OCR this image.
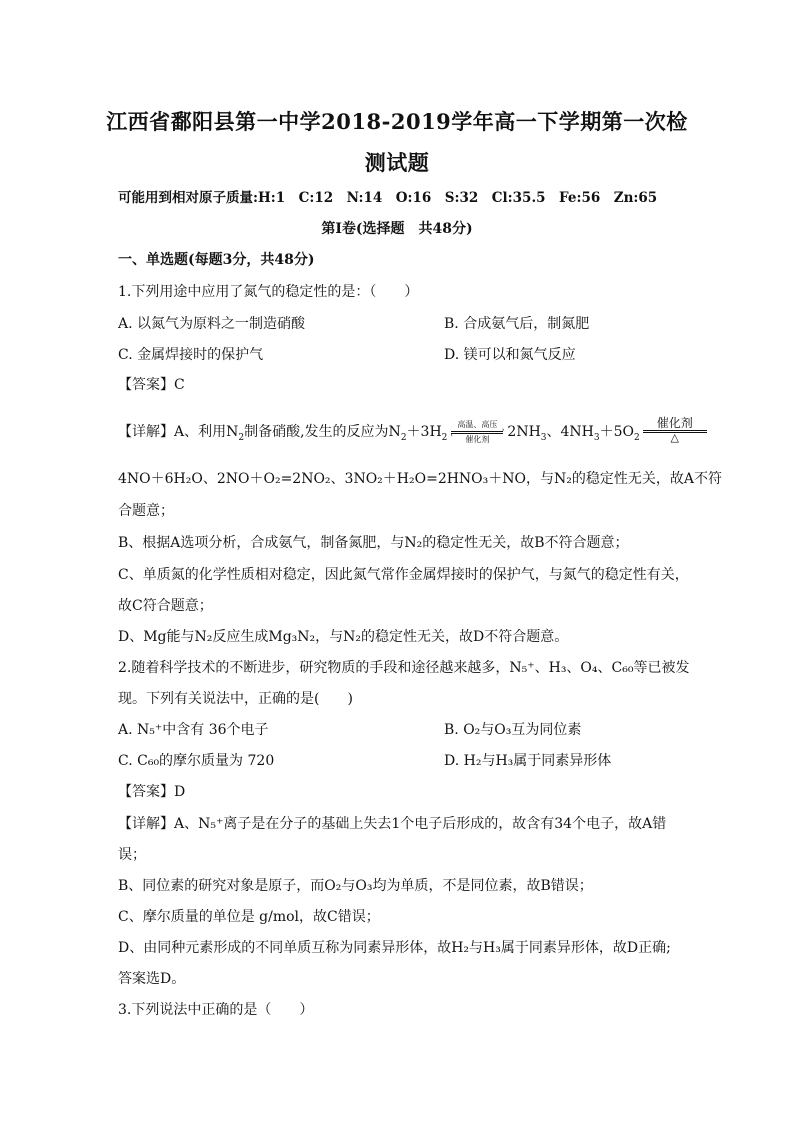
江西省鄱阳县第一中学2018-2019学年高一下学期第一次检
测试题
可能用到相对原子质量:H:1　C:12　N:14　O:16　S:32　Cl:35.5　Fe:56　Zn:65
第I卷(选择题　共48分)
一、单选题(每题3分，共48分)
1.下列用途中应用了氮气的稳定性的是：（　　）
A. 以氮气为原料之一制造硝酸	B. 合成氨气后，制氮肥
C. 金属焊接时的保护气	D. 镁可以和氮气反应
【答案】C
【详解】A、利用$N_2$制备硝酸,发生的反应为$N_2+3H_2$
高温、高压
›
‹	催化剂	$2NH_3$、$4NH_3+5O_2$
催化剂
△
4NO＋6H₂O、2NO＋O₂=2NO₂、3NO₂＋H₂O=2HNO₃＋NO，与N₂的稳定性无关，故A不符
合题意；
B、根据A选项分析，合成氨气，制备氮肥，与N₂的稳定性无关，故B不符合题意；
C、单质氮的化学性质相对稳定，因此氮气常作金属焊接时的保护气，与氮气的稳定性有关，
故C符合题意；
D、Mg能与N₂反应生成Mg₃N₂，与N₂的稳定性无关，故D不符合题意。
2.随着科学技术的不断进步，研究物质的手段和途径越来越多，N₅⁺、H₃、O₄、C₆₀等已被发
现。下列有关说法中，正确的是(　　)
A. N₅⁺中含有 36个电子	B. O₂与O₃互为同位素
C. C₆₀的摩尔质量为 720	D. H₂与H₃属于同素异形体
【答案】D
【详解】A、N₅⁺离子是在分子的基础上失去1个电子后形成的，故含有34个电子，故A错
误；
B、同位素的研究对象是原子，而O₂与O₃均为单质，不是同位素，故B错误；
C、摩尔质量的单位是 g/mol，故C错误；
D、由同种元素形成的不同单质互称为同素异形体，故H₂与H₃属于同素异形体，故D正确;
答案选D。
3.下列说法中正确的是（　　）
